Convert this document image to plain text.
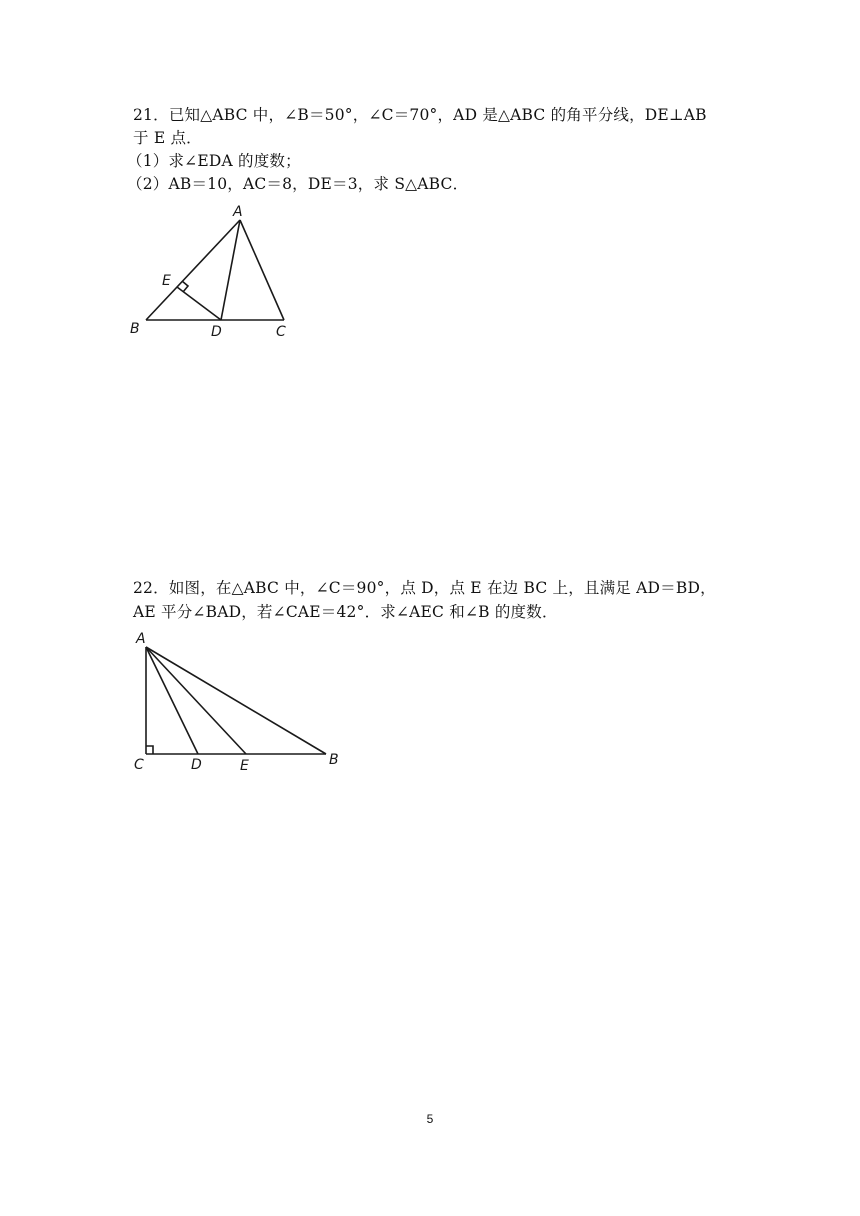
21．已知△ABC 中，∠B＝50°，∠C＝70°，AD 是△ABC 的角平分线，DE⊥AB
于 E 点．
（1）求∠EDA 的度数；
（2）AB＝10，AC＝8，DE＝3，求 S△ABC．
A
E
B	D	C
22．如图，在△ABC 中，∠C＝90°，点 D，点 E 在边 BC 上，且满足 AD＝BD，
AE 平分∠BAD，若∠CAE＝42°．求∠AEC 和∠B 的度数．
A
C	D	E	B
5
